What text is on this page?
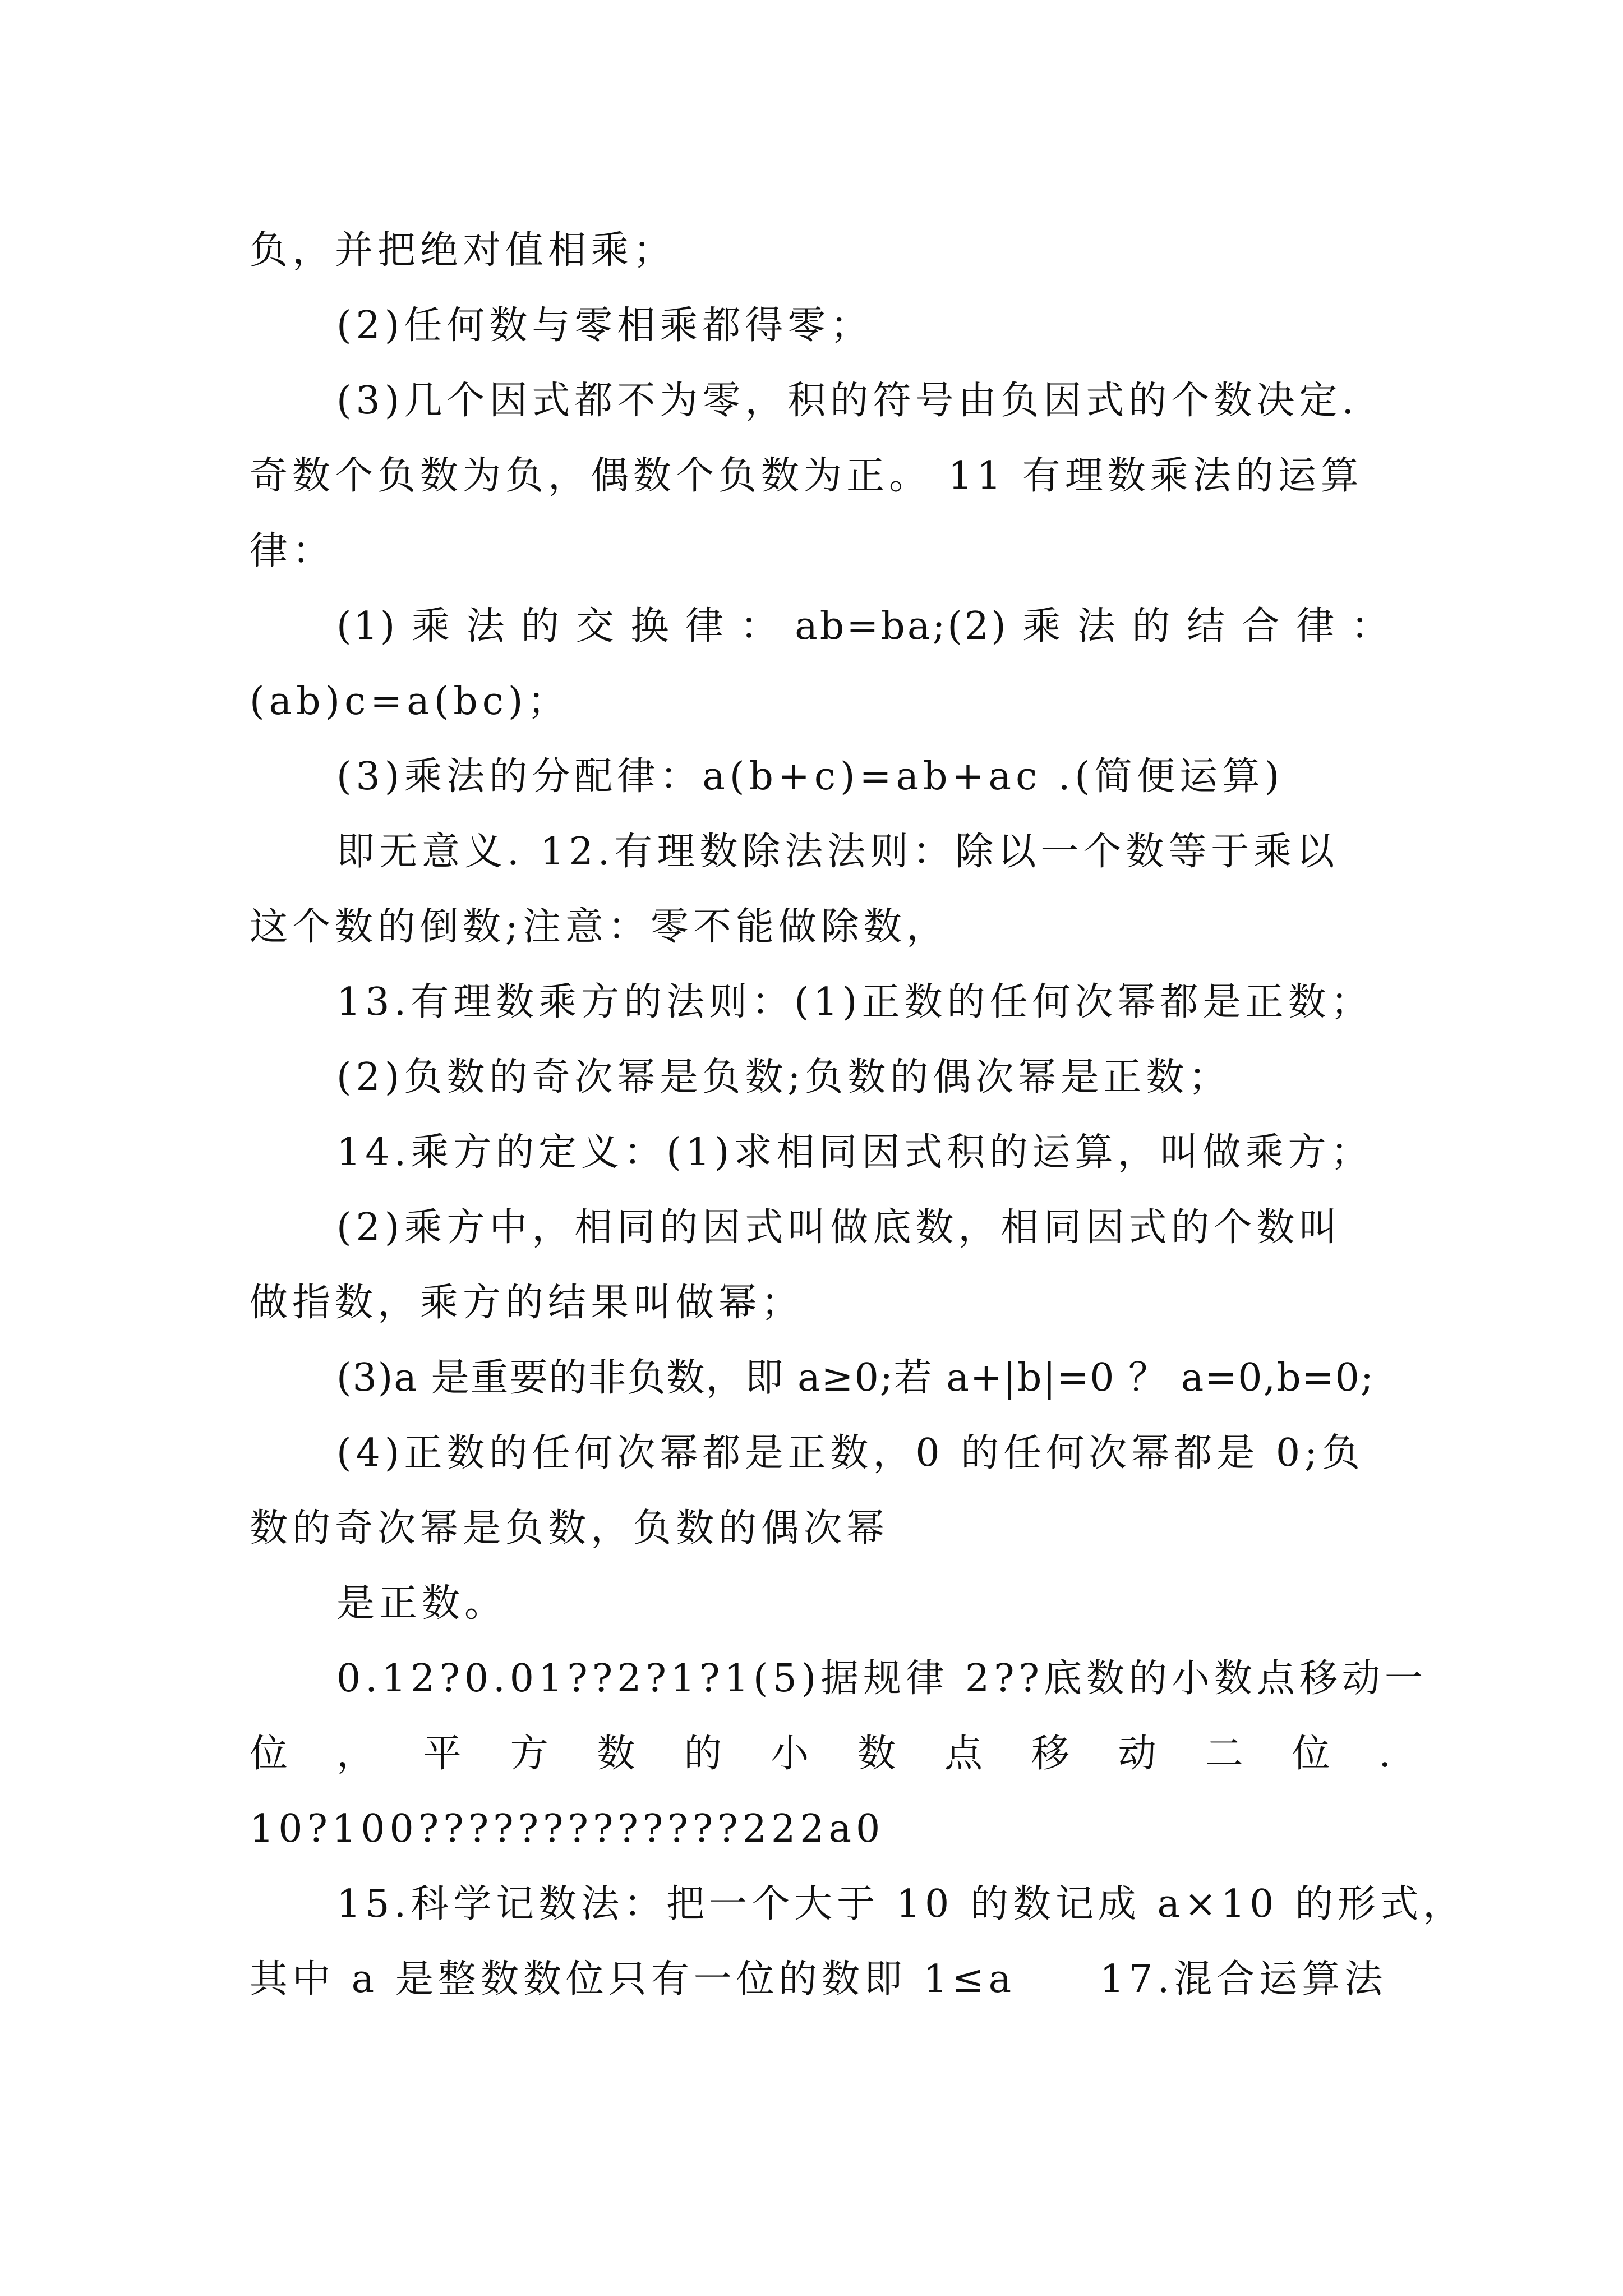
负，并把绝对值相乘；
(2)任何数与零相乘都得零；
(3)几个因式都不为零，积的符号由负因式的个数决定.
奇数个负数为负，偶数个负数为正。 11 有理数乘法的运算
律：
(1) 乘 法 的 交 换 律 ： ab=ba;(2) 乘 法 的 结 合 律 ：
(ab)c=a(bc)；
(3)乘法的分配律：a(b+c)=ab+ac .(简便运算)
即无意义. 12.有理数除法法则：除以一个数等于乘以
这个数的倒数;注意：零不能做除数，
13.有理数乘方的法则：(1)正数的任何次幂都是正数；
(2)负数的奇次幂是负数;负数的偶次幂是正数；
14.乘方的定义：(1)求相同因式积的运算，叫做乘方；
(2)乘方中，相同的因式叫做底数，相同因式的个数叫
做指数，乘方的结果叫做幂；
(3)a 是重要的非负数，即 a≥0;若 a+|b|=0 ？ a=0,b=0;
(4)正数的任何次幂都是正数，0 的任何次幂都是 0;负
数的奇次幂是负数，负数的偶次幂
是正数。
0.12?0.01??2?1?1(5)据规律 2??底数的小数点移动一
位 ， 平 方 数 的 小 数 点 移 动 二 位 .
10?100?????????????222a0
15.科学记数法：把一个大于 10 的数记成 a×10 的形式，
其中 a 是整数数位只有一位的数即 1≤a 17.混合运算法
